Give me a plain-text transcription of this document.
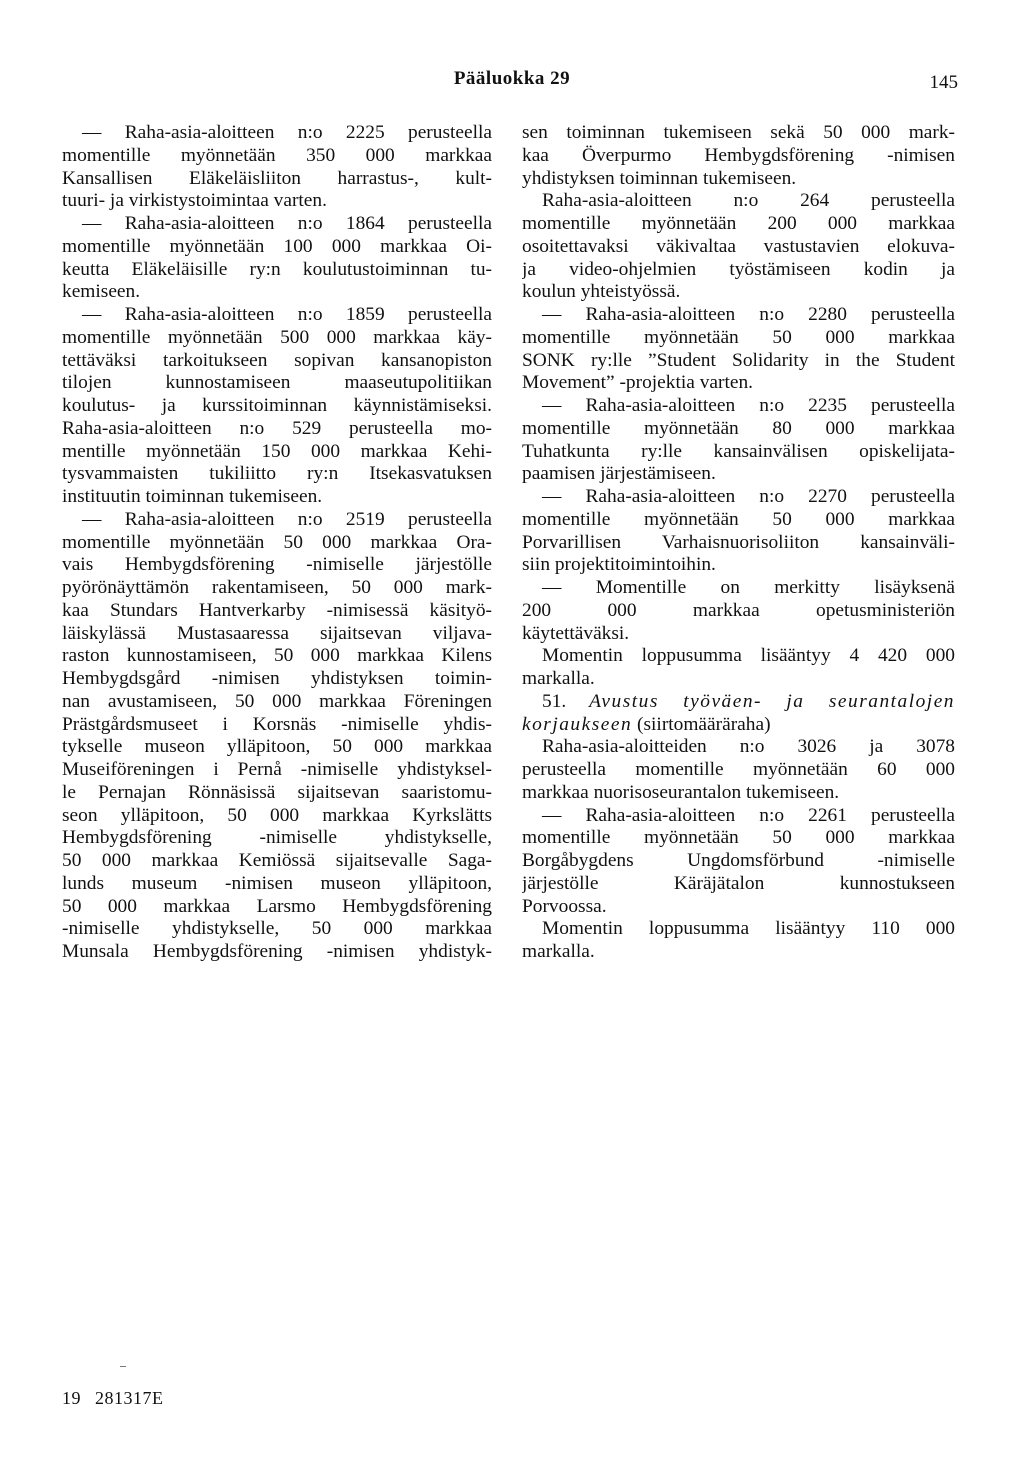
Pääluokka 29	145
— Raha-asia-aloitteen n:o 2225 perusteella
momentille myönnetään 350 000 markkaa
Kansallisen Eläkeläisliiton harrastus-, kult-
tuuri- ja virkistystoimintaa varten.
— Raha-asia-aloitteen n:o 1864 perusteella
momentille myönnetään 100 000 markkaa Oi-
keutta Eläkeläisille ry:n koulutustoiminnan tu-
kemiseen.
— Raha-asia-aloitteen n:o 1859 perusteella
momentille myönnetään 500 000 markkaa käy-
tettäväksi tarkoitukseen sopivan kansanopiston
tilojen kunnostamiseen maaseutupolitiikan
koulutus- ja kurssitoiminnan käynnistämiseksi.
Raha-asia-aloitteen n:o 529 perusteella mo-
mentille myönnetään 150 000 markkaa Kehi-
tysvammaisten tukiliitto ry:n Itsekasvatuksen
instituutin toiminnan tukemiseen.
— Raha-asia-aloitteen n:o 2519 perusteella
momentille myönnetään 50 000 markkaa Ora-
vais Hembygdsförening -nimiselle järjestölle
pyörönäyttämön rakentamiseen, 50 000 mark-
kaa Stundars Hantverkarby -nimisessä käsityö-
läiskylässä Mustasaaressa sijaitsevan viljava-
raston kunnostamiseen, 50 000 markkaa Kilens
Hembygdsgård -nimisen yhdistyksen toimin-
nan avustamiseen, 50 000 markkaa Föreningen
Prästgårdsmuseet i Korsnäs -nimiselle yhdis-
tykselle museon ylläpitoon, 50 000 markkaa
Museiföreningen i Pernå -nimiselle yhdistyksel-
le Pernajan Rönnäsissä sijaitsevan saaristomu-
seon ylläpitoon, 50 000 markkaa Kyrkslätts
Hembygdsförening -nimiselle yhdistykselle,
50 000 markkaa Kemiössä sijaitsevalle Saga-
lunds museum -nimisen museon ylläpitoon,
50 000 markkaa Larsmo Hembygdsförening
-nimiselle yhdistykselle, 50 000 markkaa
Munsala Hembygdsförening -nimisen yhdistyk-
sen toiminnan tukemiseen sekä 50 000 mark-
kaa Överpurmo Hembygdsförening -nimisen
yhdistyksen toiminnan tukemiseen.
Raha-asia-aloitteen n:o 264 perusteella
momentille myönnetään 200 000 markkaa
osoitettavaksi väkivaltaa vastustavien elokuva-
ja video-ohjelmien työstämiseen kodin ja
koulun yhteistyössä.
— Raha-asia-aloitteen n:o 2280 perusteella
momentille myönnetään 50 000 markkaa
SONK ry:lle ”Student Solidarity in the Student
Movement” -projektia varten.
— Raha-asia-aloitteen n:o 2235 perusteella
momentille myönnetään 80 000 markkaa
Tuhatkunta ry:lle kansainvälisen opiskelijata-
paamisen järjestämiseen.
— Raha-asia-aloitteen n:o 2270 perusteella
momentille myönnetään 50 000 markkaa
Porvarillisen Varhaisnuorisoliiton kansainväli-
siin projektitoimintoihin.
— Momentille on merkitty lisäyksenä
200 000 markkaa opetusministeriön
käytettäväksi.
Momentin loppusumma lisääntyy 4 420 000
markalla.
51. Avustus työväen- ja seurantalojen
korjaukseen (siirtomääräraha)
Raha-asia-aloitteiden n:o 3026 ja 3078
perusteella momentille myönnetään 60 000
markkaa nuorisoseurantalon tukemiseen.
— Raha-asia-aloitteen n:o 2261 perusteella
momentille myönnetään 50 000 markkaa
Borgåbygdens Ungdomsförbund -nimiselle
järjestölle Käräjätalon kunnostukseen
Porvoossa.
Momentin loppusumma lisääntyy 110 000
markalla.
19 281317E
